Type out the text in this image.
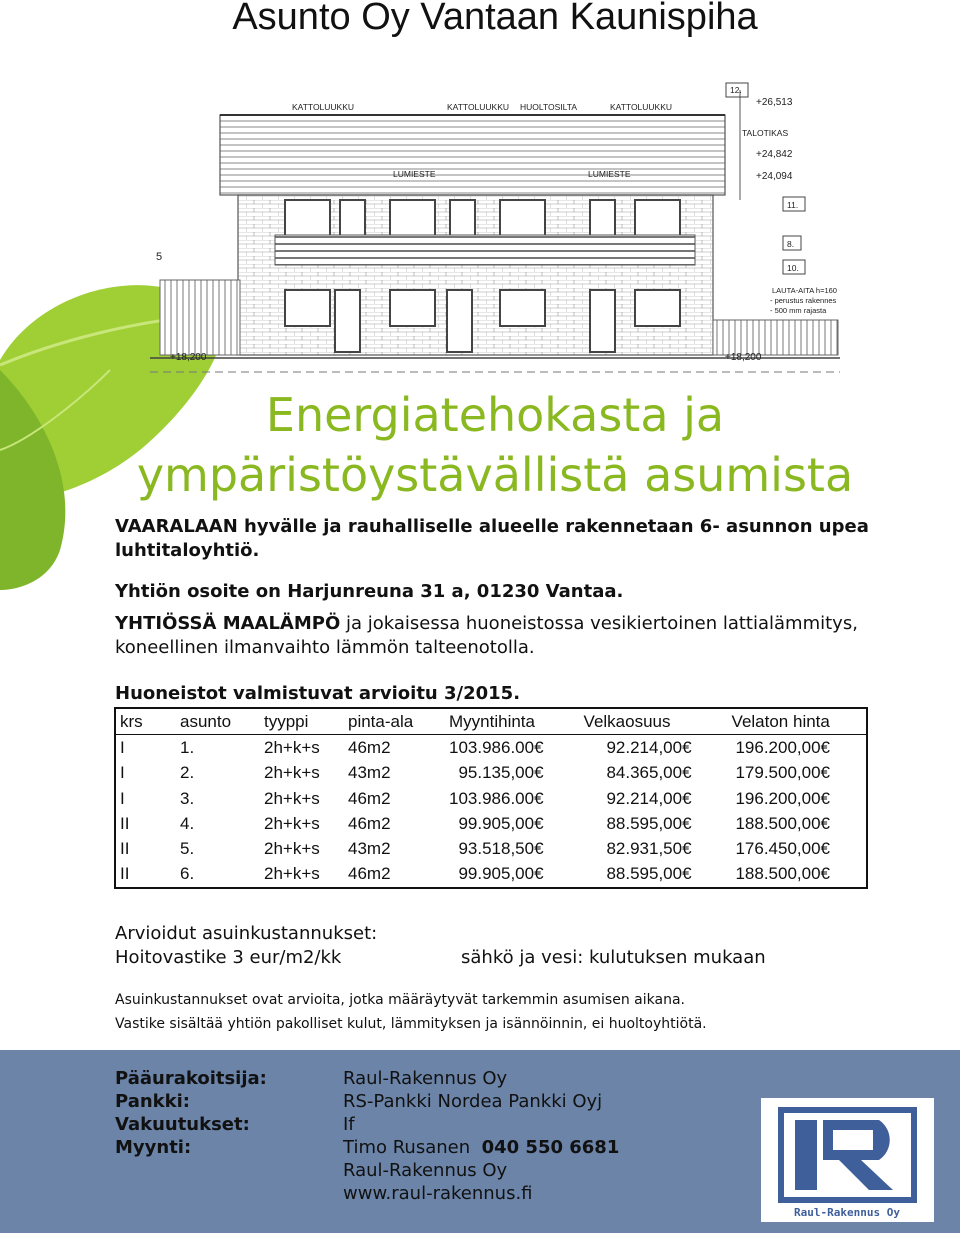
Asunto Oy Vantaan Kaunispiha
KATTOLUUKKU	KATTOLUUKKU HUOLTOSILTA	KATTOLUUKKU
LUMIESTE	LUMIESTE
TALOTIKAS
+26,513
+24,842
+24,094
+18,200	+18,200
12.
11.
8.
10.
5
LAUTA-AITA h=160
- perustus rakennes
- 500 mm rajasta
Energiatehokasta ja
ympäristöystävällistä asumista
VAARALAAN hyvälle ja rauhalliselle alueelle rakennetaan 6- asunnon upea luhtitaloyhtiö.
Yhtiön osoite on Harjunreuna 31 a, 01230 Vantaa.
YHTIÖSSÄ MAALÄMPÖ ja jokaisessa huoneistossa vesikiertoinen lattialämmitys, koneellinen ilmanvaihto lämmön talteenotolla.
Huoneistot valmistuvat arvioitu 3/2015.
krs	asunto	tyyppi	pinta-ala	Myyntihinta	Velkaosuus	Velaton hinta
I	1.	2h+k+s	46m2	103.986.00€	92.214,00€	196.200,00€
I	2.	2h+k+s	43m2	95.135,00€	84.365,00€	179.500,00€
I	3.	2h+k+s	46m2	103.986.00€	92.214,00€	196.200,00€
II	4.	2h+k+s	46m2	99.905,00€	88.595,00€	188.500,00€
II	5.	2h+k+s	43m2	93.518,50€	82.931,50€	176.450,00€
II	6.	2h+k+s	46m2	99.905,00€	88.595,00€	188.500,00€
Arvioidut asuinkustannukset:
Hoitovastike 3 eur/m2/kk	sähkö ja vesi: kulutuksen mukaan
Asuinkustannukset ovat arvioita, jotka määräytyvät tarkemmin asumisen aikana.
Vastike sisältää yhtiön pakolliset kulut, lämmityksen ja isännöinnin, ei huoltoyhtiötä.
Pääurakoitsija:	Raul-Rakennus Oy
Pankki:	RS-Pankki Nordea Pankki Oyj
Vakuutukset:	If
Myynti:	Timo Rusanen 040 550 6681
Raul-Rakennus Oy
www.raul-rakennus.fi
Raul-Rakennus Oy
